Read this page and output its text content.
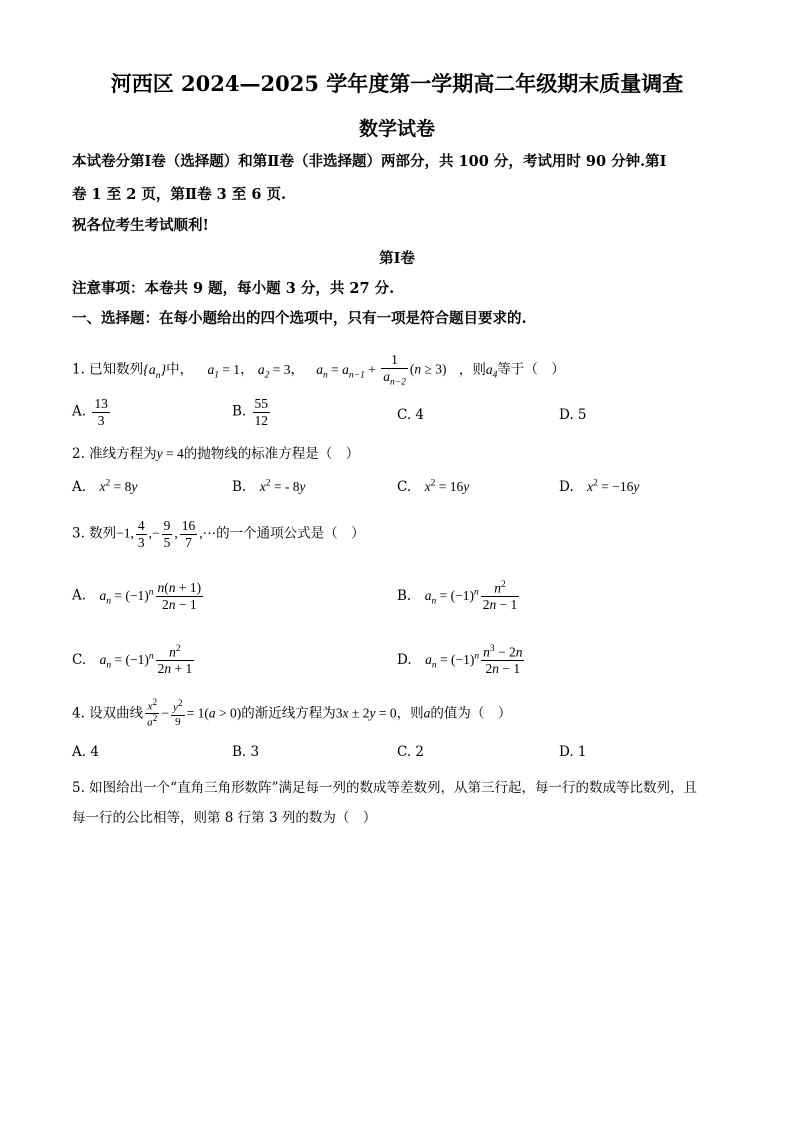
河西区 2024—2025 学年度第一学期高二年级期末质量调查
数学试卷
本试卷分第Ⅰ卷（选择题）和第Ⅱ卷（非选择题）两部分，共 100 分，考试用时 90 分钟.第Ⅰ
卷 1 至 2 页，第Ⅱ卷 3 至 6 页.
祝各位考生考试顺利!
第Ⅰ卷
注意事项：本卷共 9 题，每小题 3 分，共 27 分.
一、选择题：在每小题给出的四个选项中，只有一项是符合题目要求的.
1. 已知数列$\{a_n\}$中， $a_1 = 1$， $a_2 = 3$， $a_n = a_{n-1} + \frac{1}{a_{n-2}} (n \ge 3)$ ，则$a_4$等于（　）
A. $\frac{13}{3}$	B. $\frac{55}{12}$	C. 4	D. 5
2. 准线方程为y = 4的抛物线的标准方程是（　）
A.　$x^2 = 8y$	B.　$x^2$ = - 8y	C.　$x^2 = 16y$	D.　$x^2 = -16y$
3. 数列−1, $\frac{4}{3}$ ,− $\frac{9}{5}$ , $\frac{16}{7}$ ,⋯的一个通项公式是（　）
A.　$a_n = (-1)^n \frac{n(n + 1)}{2n - 1}$	B.　$a_n = (-1)^n \frac{n^2}{2n - 1}$
C.　$a_n = (-1)^n \frac{n^2}{2n + 1}$	D.　$a_n = (-1)^n \frac{n^3 - 2n}{2n - 1}$
4. 设双曲线 $\frac{x^2}{a^2} - \frac{y^2}{9} = 1(a > 0)$的渐近线方程为3x ± 2y = 0，则a的值为（　）
A. 4	B. 3	C. 2	D. 1
5. 如图给出一个“直角三角形数阵”满足每一列的数成等差数列，从第三行起，每一行的数成等比数列，且
每一行的公比相等，则第 8 行第 3 列的数为（　）
